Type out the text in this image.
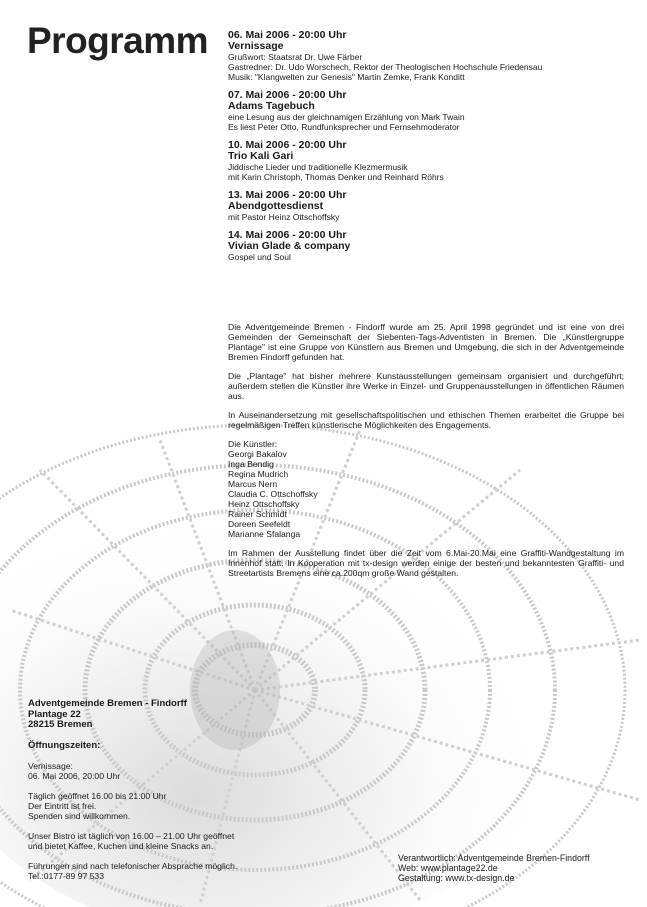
Programm 06. Mai 2006 - 20:00 Uhr
Vernissage
Grußwort: Staatsrat Dr. Uwe Färber
Gastredner: Dr. Udo Worschech, Rektor der Theologischen Hochschule Friedensau
Musik: "Klangwelten zur Genesis" Martin Zemke, Frank Konditt
07. Mai 2006 - 20:00 Uhr
Adams Tagebuch
eine Lesung aus der gleichnamigen Erzählung von Mark Twain
Es liest Peter Otto, Rundfunksprecher und Fernsehmoderator
10. Mai 2006 - 20:00 Uhr
Trio Kali Gari
Jiddische Lieder und traditionelle Klezmermusik
mit Karin Christoph, Thomas Denker und Reinhard Röhrs
13. Mai 2006 - 20:00 Uhr
Abendgottesdienst
mit Pastor Heinz Ottschoffsky
14. Mai 2006 - 20:00 Uhr
Vivian Glade & company
Gospel und Soul

Die Adventgemeinde Bremen - Findorff wurde am 25. April 1998 gegründet und ist eine von drei Gemeinden der Gemeinschaft der Siebenten-Tags-Adventisten in Bremen. Die „Künstlergruppe Plantage" ist eine Gruppe von Künstlern aus Bremen und Umgebung, die sich in der Adventgemeinde Bremen Findorff gefunden hat.

Die „Plantage" hat bisher mehrere Kunstausstellungen gemeinsam organisiert und durchgeführt; außerdem stellen die Künstler ihre Werke in Einzel- und Gruppenausstellungen in öffentlichen Räumen aus.

In Auseinandersetzung mit gesellschaftspolitischen und ethischen Themen erarbeitet die Gruppe bei regelmäßigen Treffen künstlerische Möglichkeiten des Engagements.

Die Künstler:
Georgi Bakalov
Inga Bendig
Regina Mudrich
Marcus Nern
Claudia C. Ottschoffsky
Heinz Ottschoffsky
Rainer Schmidt
Doreen Seefeldt
Marianne Sfalanga

Im Rahmen der Ausstellung findet über die Zeit vom 6.Mai-20.Mai eine Graffiti-Wandgestaltung im Innenhof statt. In Kooperation mit tx-design werden einige der besten und bekanntesten Graffiti- und Streetartists Bremens eine ca.200qm große Wand gestalten.

Adventgemeinde Bremen - Findorff
Plantage 22
28215 Bremen
Öffnungszeiten:
Vernissage:
06. Mai 2006, 20:00 Uhr
Täglich geöffnet 16.00 bis 21:00 Uhr
Der Eintritt ist frei.
Spenden sind willkommen.
Unser Bistro ist täglich von 16.00 – 21.00 Uhr geöffnet
und bietet Kaffee, Kuchen und kleine Snacks an.
Führungen sind nach telefonischer Absprache möglich.
Tel.:0177-89 97 533
Verantwortlich: Adventgemeinde Bremen-Findorff
Web: www.plantage22.de
Gestaltung: www.tx-design.de
